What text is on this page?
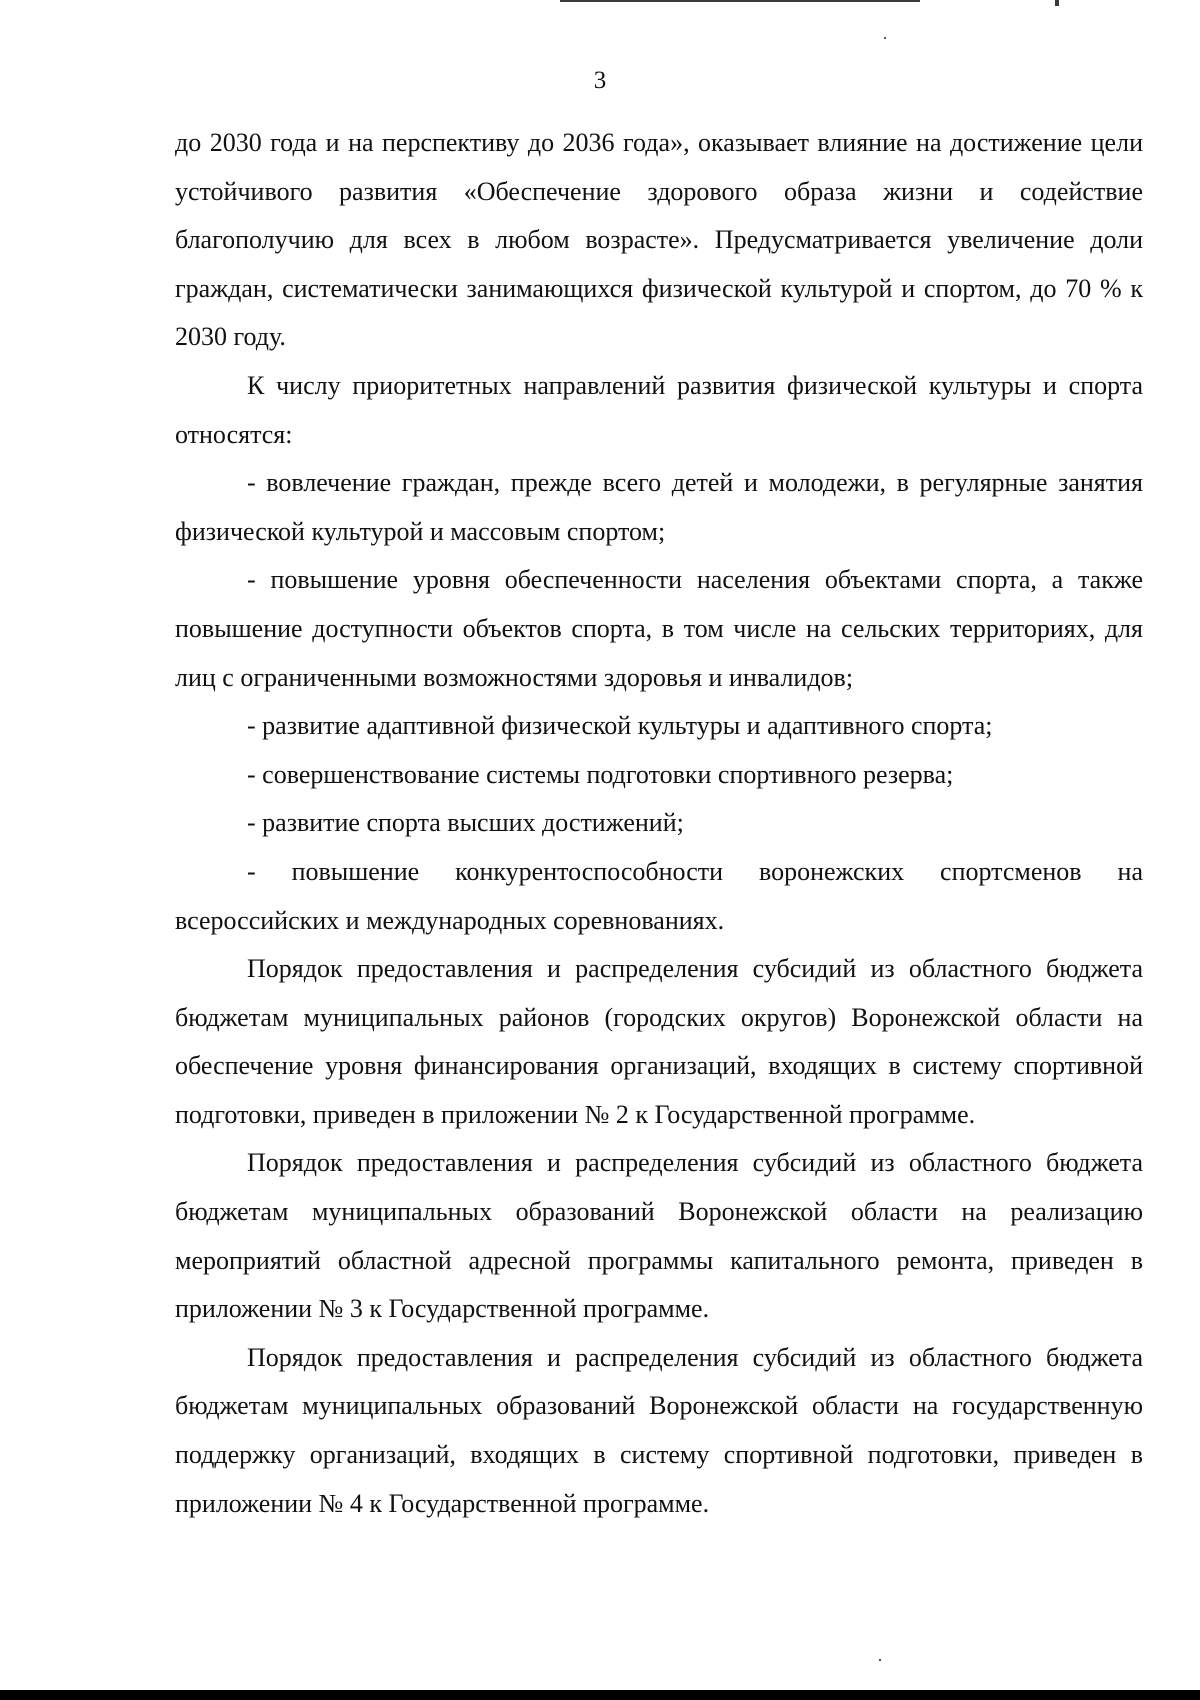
3

до 2030 года и на перспективу до 2036 года», оказывает влияние на достижение цели устойчивого развития «Обеспечение здорового образа жизни и содействие благополучию для всех в любом возрасте». Предусматривается увеличение доли граждан, систематически занимающихся физической культурой и спортом, до 70 % к 2030 году.

К числу приоритетных направлений развития физической культуры и спорта относятся:

- вовлечение граждан, прежде всего детей и молодежи, в регулярные занятия физической культурой и массовым спортом;

- повышение уровня обеспеченности населения объектами спорта, а также повышение доступности объектов спорта, в том числе на сельских территориях, для лиц с ограниченными возможностями здоровья и инвалидов;

- развитие адаптивной физической культуры и адаптивного спорта;

- совершенствование системы подготовки спортивного резерва;

- развитие спорта высших достижений;

- повышение конкурентоспособности воронежских спортсменов на всероссийских и международных соревнованиях.

Порядок предоставления и распределения субсидий из областного бюджета бюджетам муниципальных районов (городских округов) Воронежской области на обеспечение уровня финансирования организаций, входящих в систему спортивной подготовки, приведен в приложении № 2 к Государственной программе.

Порядок предоставления и распределения субсидий из областного бюджета бюджетам муниципальных образований Воронежской области на реализацию мероприятий областной адресной программы капитального ремонта, приведен в приложении № 3 к Государственной программе.

Порядок предоставления и распределения субсидий из областного бюджета бюджетам муниципальных образований Воронежской области на государственную поддержку организаций, входящих в систему спортивной подготовки, приведен в приложении № 4 к Государственной программе.
